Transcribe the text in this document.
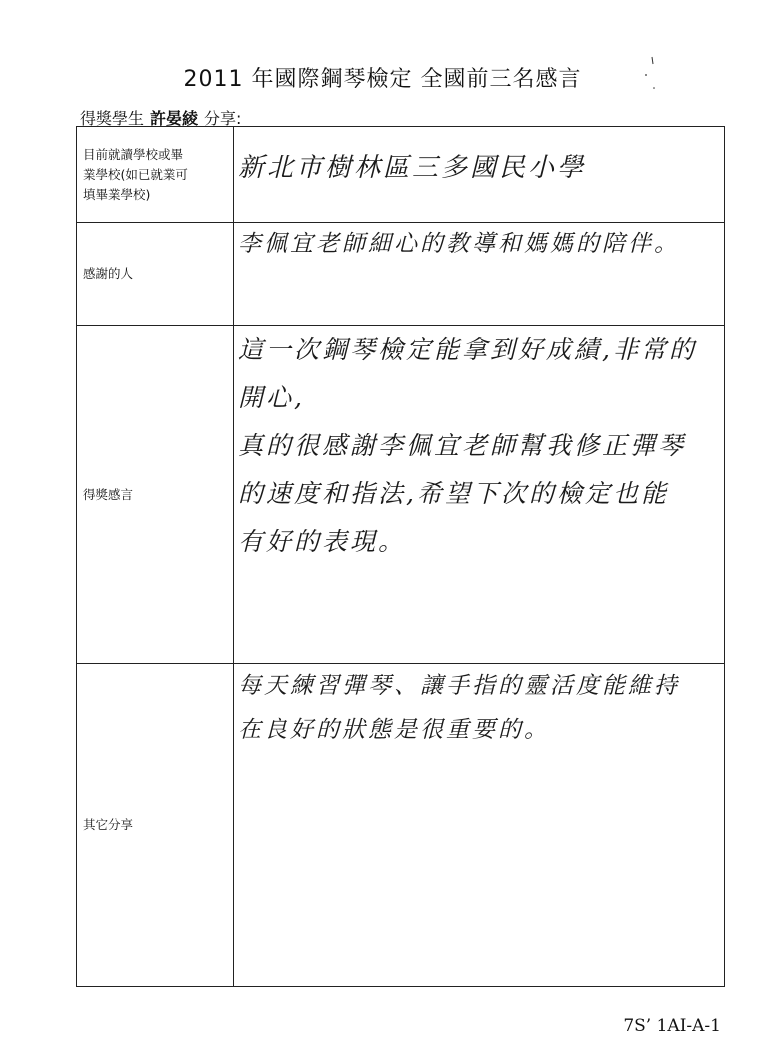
2011 年國際鋼琴檢定 全國前三名感言
得獎學生 許晏綾 分享:
目前就讀學校或畢
業學校(如已就業可
填畢業學校)	新北市樹林區三多國民小學

感謝的人	李佩宜老師細心的教導和媽媽的陪伴。

得獎感言	這一次鋼琴檢定能拿到好成績,非常的開心,
真的很感謝李佩宜老師幫我修正彈琴
的速度和指法,希望下次的檢定也能
有好的表現。

其它分享	每天練習彈琴、讓手指的靈活度能維持
在良好的狀態是很重要的。
7S’ 1AI-A-1
